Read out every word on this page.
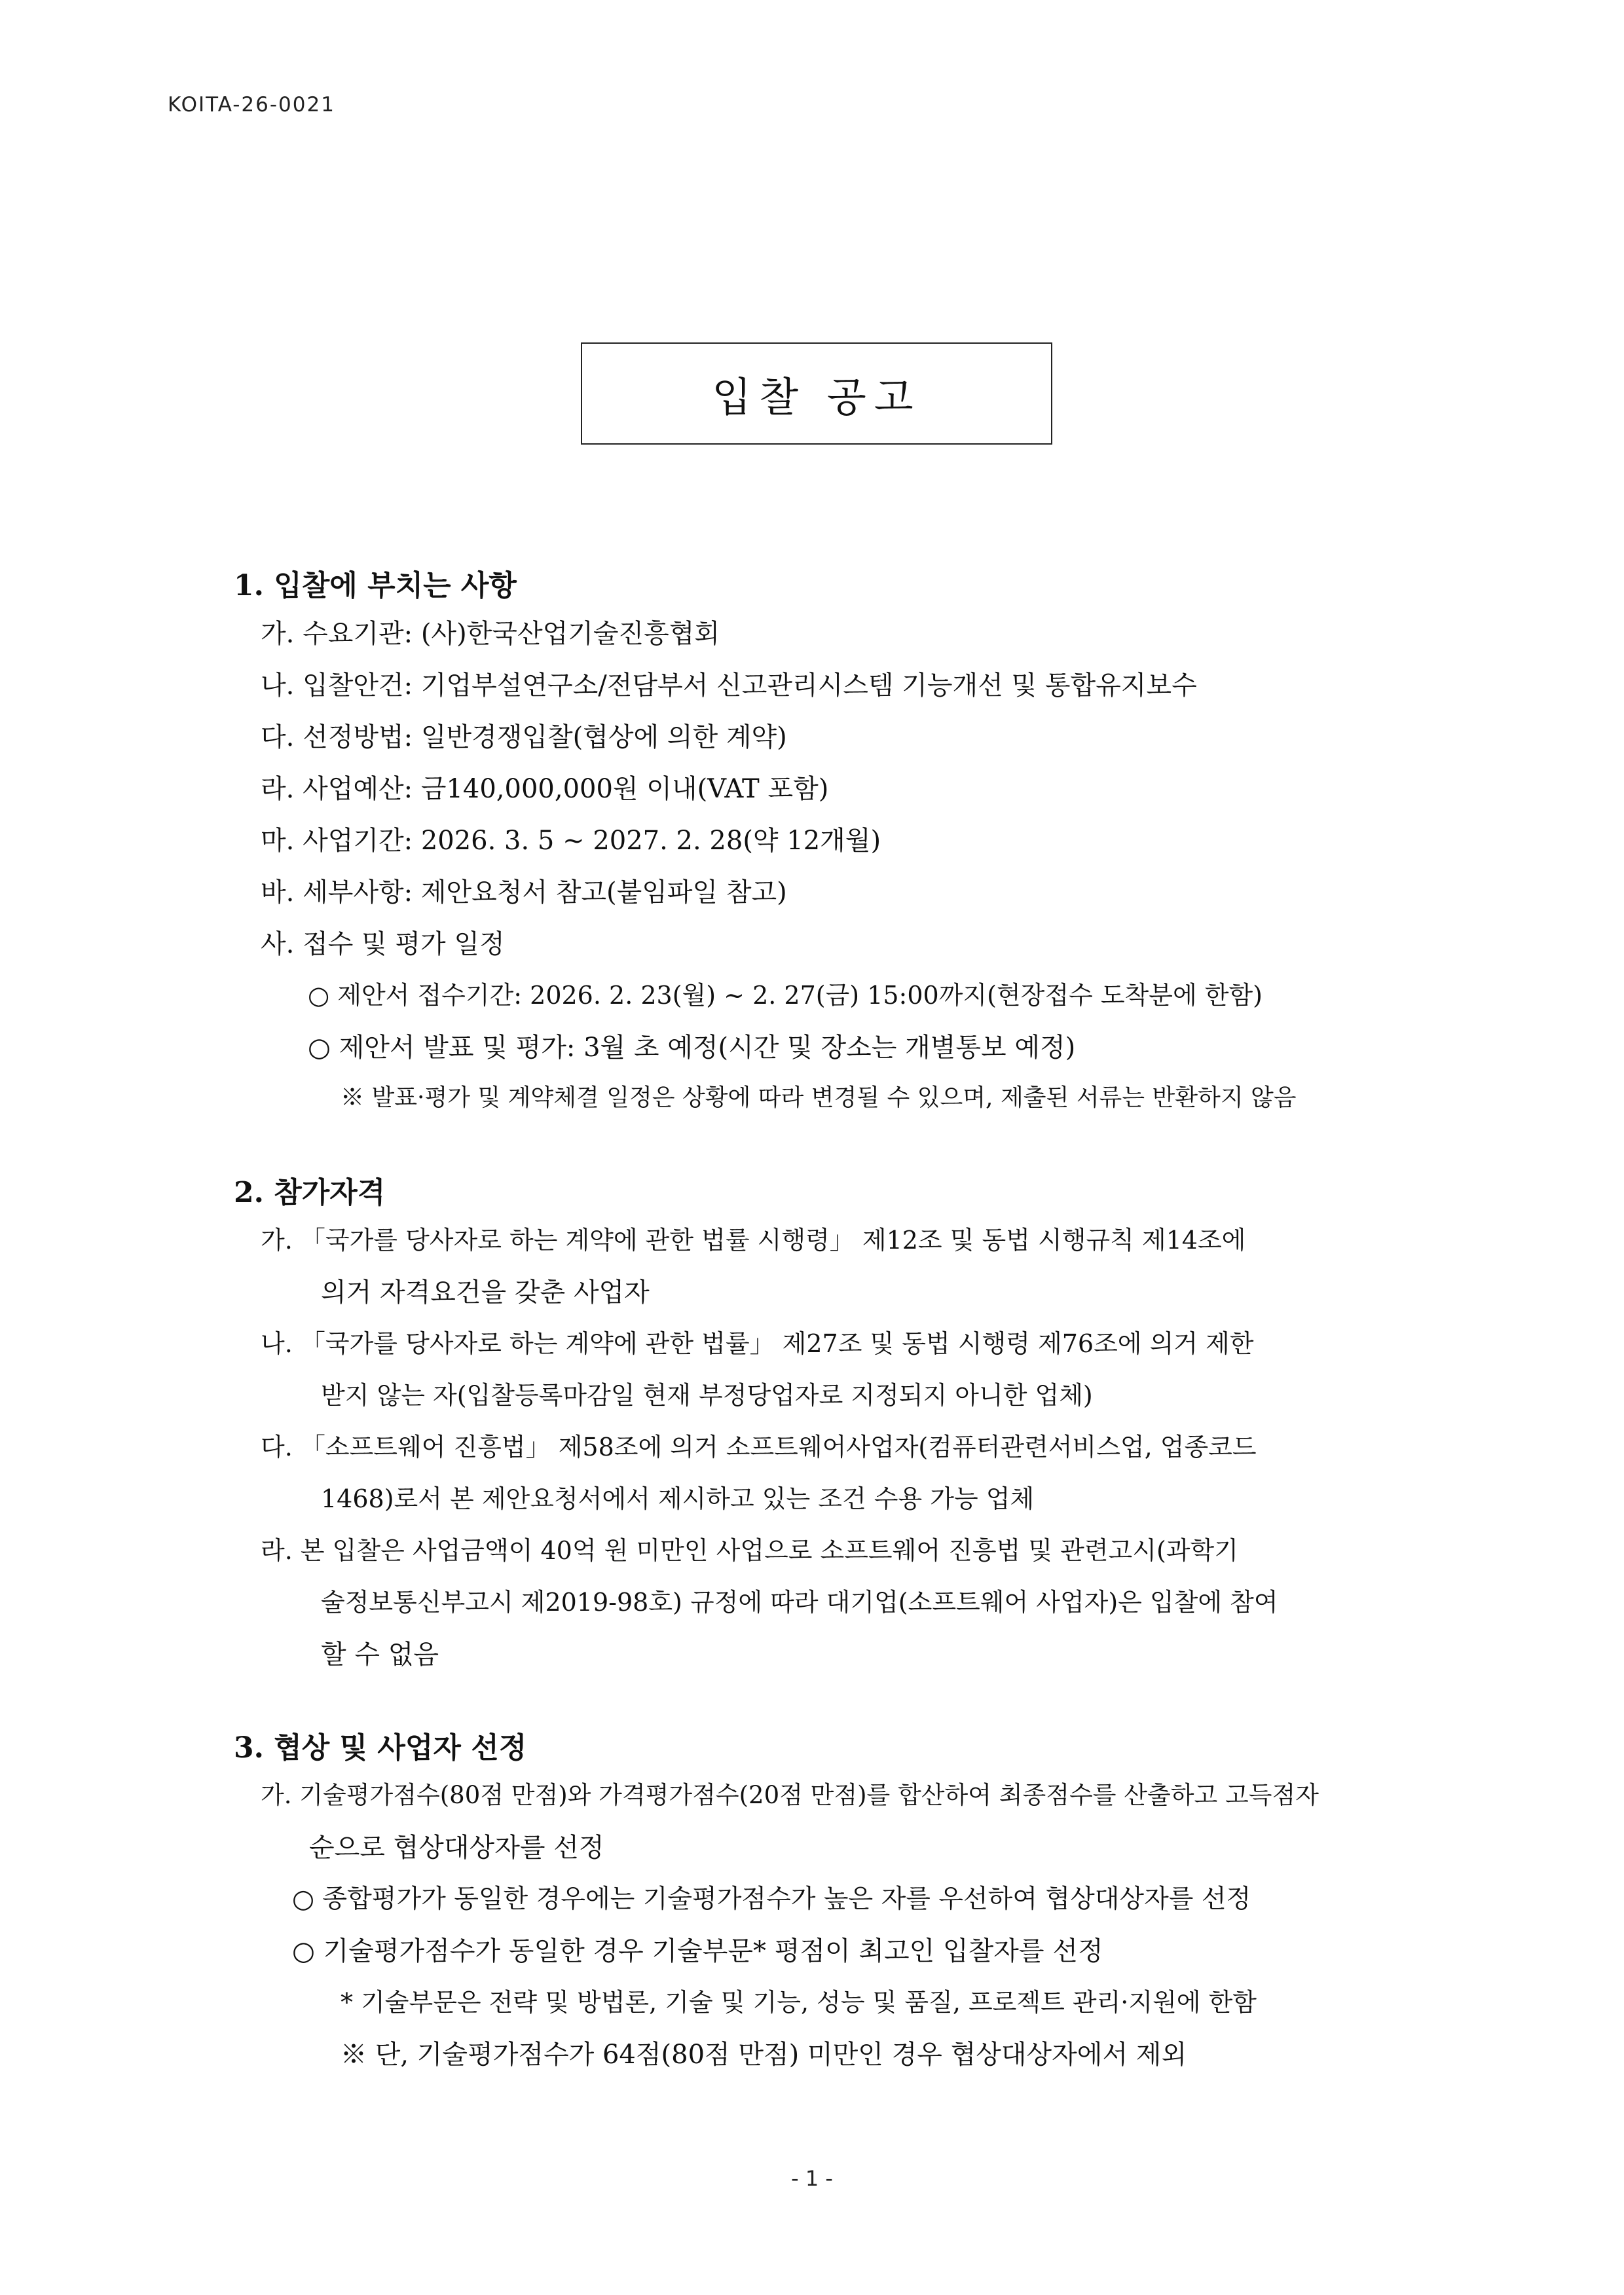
KOITA-26-0021
입찰 공고
1. 입찰에 부치는 사항
가. 수요기관: (사)한국산업기술진흥협회
나. 입찰안건: 기업부설연구소/전담부서 신고관리시스템 기능개선 및 통합유지보수
다. 선정방법: 일반경쟁입찰(협상에 의한 계약)
라. 사업예산: 금140,000,000원 이내(VAT 포함)
마. 사업기간: 2026. 3. 5 ~ 2027. 2. 28(약 12개월)
바. 세부사항: 제안요청서 참고(붙임파일 참고)
사. 접수 및 평가 일정
○ 제안서 접수기간: 2026. 2. 23(월) ~ 2. 27(금) 15:00까지(현장접수 도착분에 한함)
○ 제안서 발표 및 평가: 3월 초 예정(시간 및 장소는 개별통보 예정)
※ 발표·평가 및 계약체결 일정은 상황에 따라 변경될 수 있으며, 제출된 서류는 반환하지 않음
2. 참가자격
가. 「국가를 당사자로 하는 계약에 관한 법률 시행령」 제12조 및 동법 시행규칙 제14조에
의거 자격요건을 갖춘 사업자
나. 「국가를 당사자로 하는 계약에 관한 법률」 제27조 및 동법 시행령 제76조에 의거 제한
받지 않는 자(입찰등록마감일 현재 부정당업자로 지정되지 아니한 업체)
다. 「소프트웨어 진흥법」 제58조에 의거 소프트웨어사업자(컴퓨터관련서비스업, 업종코드
1468)로서 본 제안요청서에서 제시하고 있는 조건 수용 가능 업체
라. 본 입찰은 사업금액이 40억 원 미만인 사업으로 소프트웨어 진흥법 및 관련고시(과학기
술정보통신부고시 제2019-98호) 규정에 따라 대기업(소프트웨어 사업자)은 입찰에 참여
할 수 없음
3. 협상 및 사업자 선정
가. 기술평가점수(80점 만점)와 가격평가점수(20점 만점)를 합산하여 최종점수를 산출하고 고득점자
순으로 협상대상자를 선정
○ 종합평가가 동일한 경우에는 기술평가점수가 높은 자를 우선하여 협상대상자를 선정
○ 기술평가점수가 동일한 경우 기술부문* 평점이 최고인 입찰자를 선정
* 기술부문은 전략 및 방법론, 기술 및 기능, 성능 및 품질, 프로젝트 관리·지원에 한함
※ 단, 기술평가점수가 64점(80점 만점) 미만인 경우 협상대상자에서 제외
- 1 -
